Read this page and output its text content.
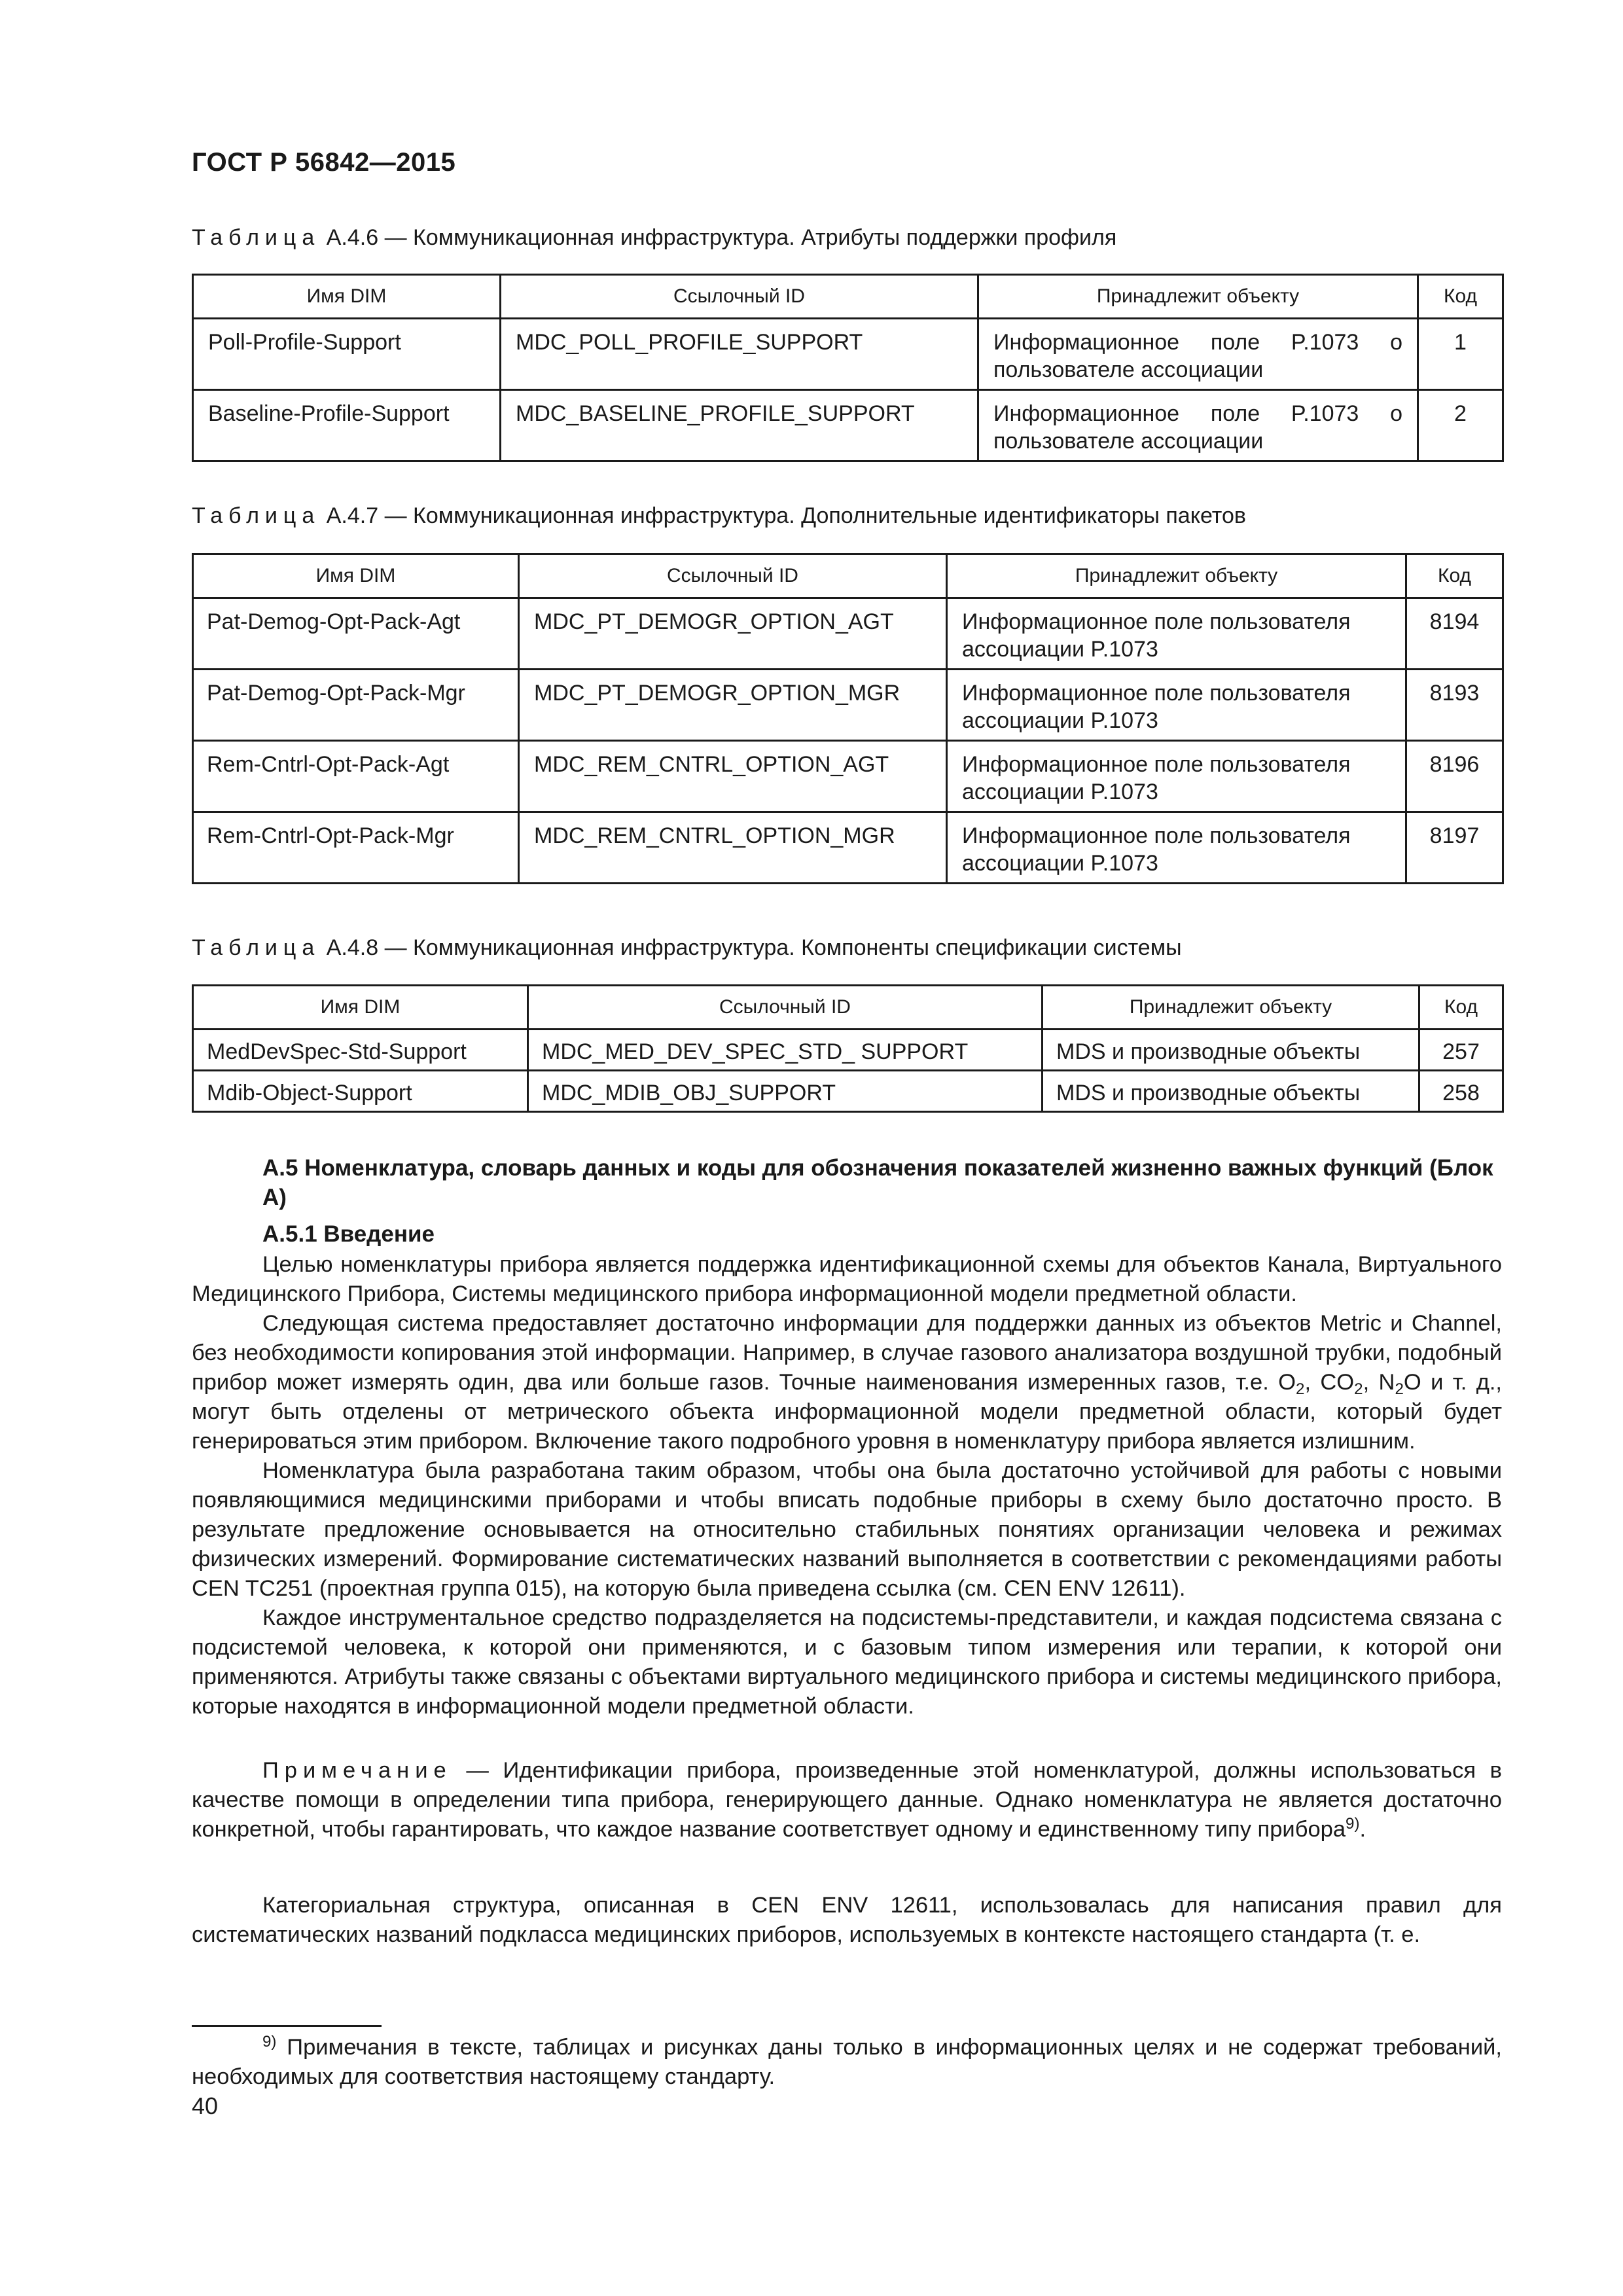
ГОСТ Р 56842—2015
Таблица А.4.6 — Коммуникационная инфраструктура. Атрибуты поддержки профиля
Имя DIM	Ссылочный ID	Принадлежит объекту	Код
Poll-Profile-Support	MDC_POLL_PROFILE_SUPPORT	Информационное поле P.1073 о пользователе ассоциации	1
Baseline-Profile-Support	MDC_BASELINE_PROFILE_SUPPORT	Информационное поле P.1073 о пользователе ассоциации	2
Таблица А.4.7 — Коммуникационная инфраструктура. Дополнительные идентификаторы пакетов
Имя DIM	Ссылочный ID	Принадлежит объекту	Код
Pat-Demog-Opt-Pack-Agt	MDC_PT_DEMOGR_OPTION_AGT	Информационное поле пользователя ассоциации P.1073	8194
Pat-Demog-Opt-Pack-Mgr	MDC_PT_DEMOGR_OPTION_MGR	Информационное поле пользователя ассоциации P.1073	8193
Rem-Cntrl-Opt-Pack-Agt	MDC_REM_CNTRL_OPTION_AGT	Информационное поле пользователя ассоциации P.1073	8196
Rem-Cntrl-Opt-Pack-Mgr	MDC_REM_CNTRL_OPTION_MGR	Информационное поле пользователя ассоциации P.1073	8197
Таблица А.4.8 — Коммуникационная инфраструктура. Компоненты спецификации системы
Имя DIM	Ссылочный ID	Принадлежит объекту	Код
MedDevSpec-Std-Support	MDC_MED_DEV_SPEC_STD_ SUPPORT	MDS и производные объекты	257
Mdib-Object-Support	MDC_MDIB_OBJ_SUPPORT	MDS и производные объекты	258
А.5 Номенклатура, словарь данных и коды для обозначения показателей жизненно важных функций (Блок А)
А.5.1 Введение

Целью номенклатуры прибора является поддержка идентификационной схемы для объектов Канала, Виртуального Медицинского Прибора, Системы медицинского прибора информационной модели предметной области.

Следующая система предоставляет достаточно информации для поддержки данных из объектов Metric и Channel, без необходимости копирования этой информации. Например, в случае газового анализатора воздушной трубки, подобный прибор может измерять один, два или больше газов. Точные наименования измеренных газов, т.е. $O_2$, $CO_2$, $N_2O$ и т. д., могут быть отделены от метрического объекта информационной модели предметной области, который будет генерироваться этим прибором. Включение такого подробного уровня в номенклатуру прибора является излишним.

Номенклатура была разработана таким образом, чтобы она была достаточно устойчивой для работы с новыми появляющимися медицинскими приборами и чтобы вписать подобные приборы в схему было достаточно просто. В результате предложение основывается на относительно стабильных понятиях организации человека и режимах физических измерений. Формирование систематических названий выполняется в соответствии с рекомендациями работы CEN TC251 (проектная группа 015), на которую была приведена ссылка (см. CEN ENV 12611).

Каждое инструментальное средство подразделяется на подсистемы-представители, и каждая подсистема связана с подсистемой человека, к которой они применяются, и с базовым типом измерения или терапии, к которой они применяются. Атрибуты также связаны с объектами виртуального медицинского прибора и системы медицинского прибора, которые находятся в информационной модели предметной области.

Примечание — Идентификации прибора, произведенные этой номенклатурой, должны использоваться в качестве помощи в определении типа прибора, генерирующего данные. Однако номенклатура не является достаточно конкретной, чтобы гарантировать, что каждое название соответствует одному и единственному типу прибора$^{9)}$.

Категориальная структура, описанная в CEN ENV 12611, использовалась для написания правил для систематических названий подкласса медицинских приборов, используемых в контексте настоящего стандарта (т. е.

$^{9)}$ Примечания в тексте, таблицах и рисунках даны только в информационных целях и не содержат требований, необходимых для соответствия настоящему стандарту.

40
